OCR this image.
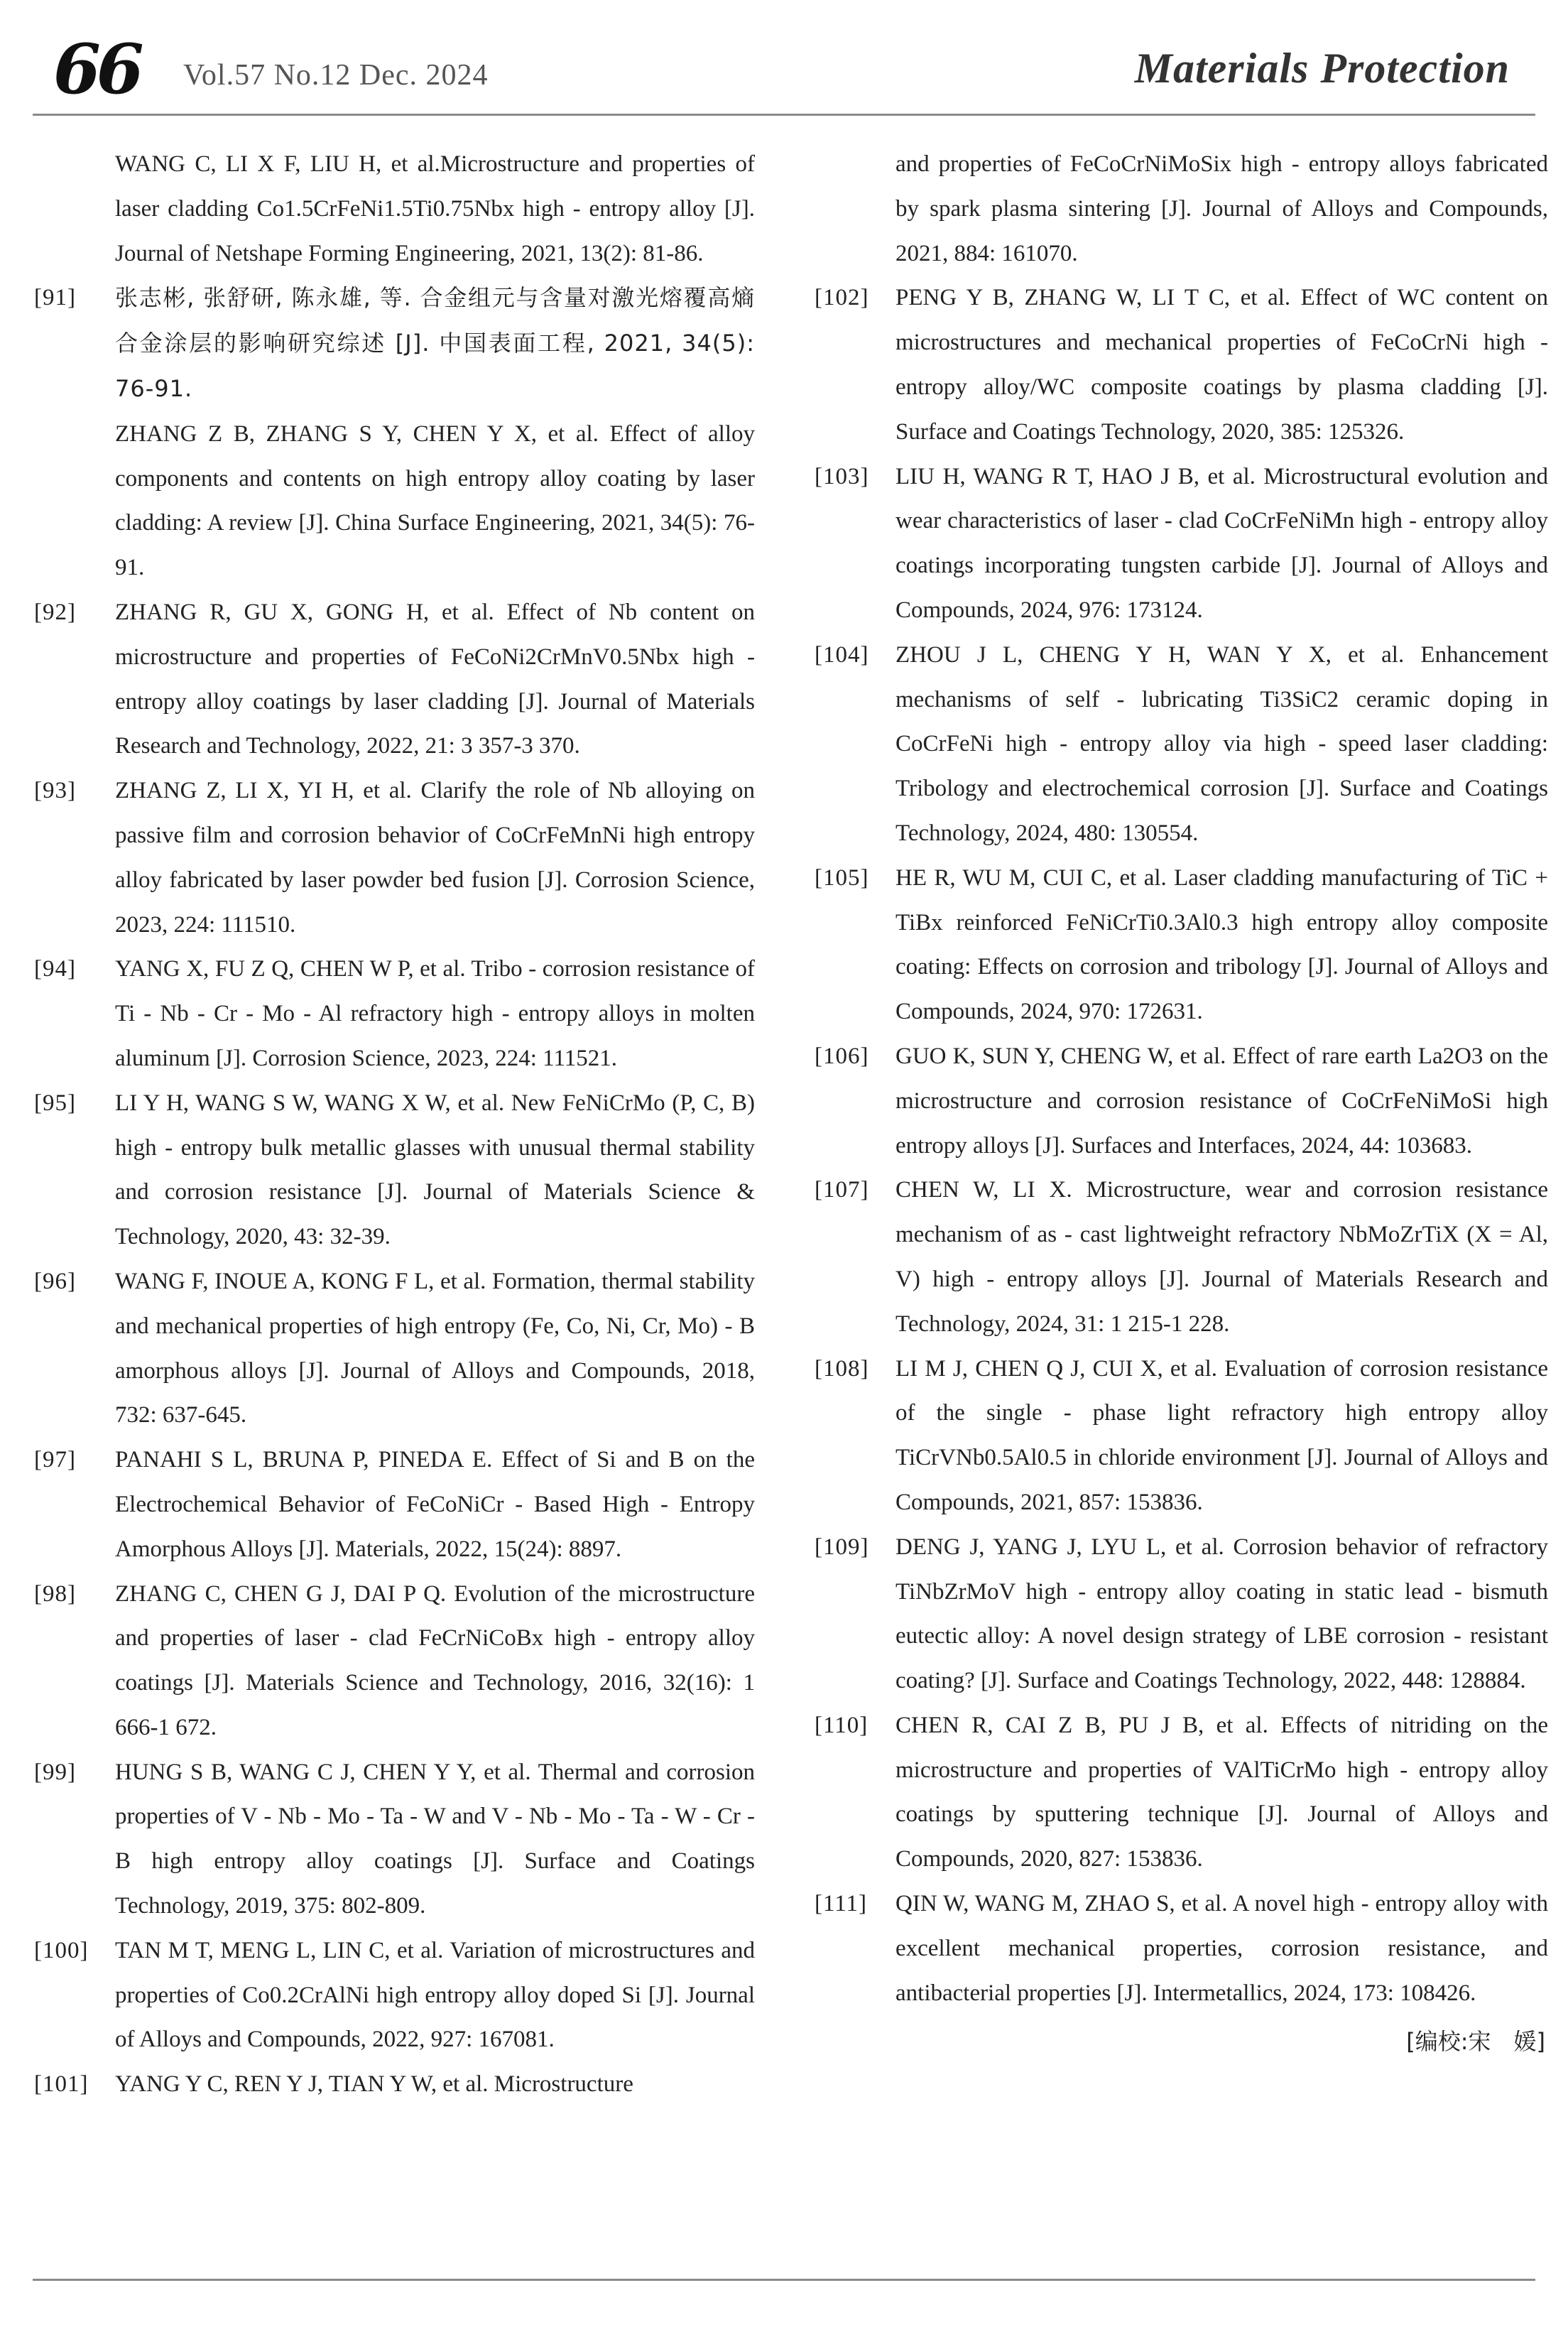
66 Vol.57 No.12 Dec. 2024	Materials Protection
WANG C, LI X F, LIU H, et al.Microstructure and properties of laser cladding Co1.5CrFeNi1.5Ti0.75Nbx high - entropy alloy [J]. Journal of Netshape Forming Engineering, 2021, 13(2): 81-86.
[91]	张志彬, 张舒研, 陈永雄, 等. 合金组元与含量对激光熔覆高熵合金涂层的影响研究综述 [J]. 中国表面工程, 2021, 34(5): 76-91.
ZHANG Z B, ZHANG S Y, CHEN Y X, et al. Effect of alloy components and contents on high entropy alloy coating by laser cladding: A review [J]. China Surface Engineering, 2021, 34(5): 76-91.
[92]	ZHANG R, GU X, GONG H, et al. Effect of Nb content on microstructure and properties of FeCoNi2CrMnV0.5Nbx high - entropy alloy coatings by laser cladding [J]. Journal of Materials Research and Technology, 2022, 21: 3 357-3 370.
[93]	ZHANG Z, LI X, YI H, et al. Clarify the role of Nb alloying on passive film and corrosion behavior of CoCrFeMnNi high entropy alloy fabricated by laser powder bed fusion [J]. Corrosion Science, 2023, 224: 111510.
[94]	YANG X, FU Z Q, CHEN W P, et al. Tribo - corrosion resistance of Ti - Nb - Cr - Mo - Al refractory high - entropy alloys in molten aluminum [J]. Corrosion Science, 2023, 224: 111521.
[95]	LI Y H, WANG S W, WANG X W, et al. New FeNiCrMo (P, C, B) high - entropy bulk metallic glasses with unusual thermal stability and corrosion resistance [J]. Journal of Materials Science & Technology, 2020, 43: 32-39.
[96]	WANG F, INOUE A, KONG F L, et al. Formation, thermal stability and mechanical properties of high entropy (Fe, Co, Ni, Cr, Mo) - B amorphous alloys [J]. Journal of Alloys and Compounds, 2018, 732: 637-645.
[97]	PANAHI S L, BRUNA P, PINEDA E. Effect of Si and B on the Electrochemical Behavior of FeCoNiCr - Based High - Entropy Amorphous Alloys [J]. Materials, 2022, 15(24): 8897.
[98]	ZHANG C, CHEN G J, DAI P Q. Evolution of the microstructure and properties of laser - clad FeCrNiCoBx high - entropy alloy coatings [J]. Materials Science and Technology, 2016, 32(16): 1 666-1 672.
[99]	HUNG S B, WANG C J, CHEN Y Y, et al. Thermal and corrosion properties of V - Nb - Mo - Ta - W and V - Nb - Mo - Ta - W - Cr - B high entropy alloy coatings [J]. Surface and Coatings Technology, 2019, 375: 802-809.
[100]	TAN M T, MENG L, LIN C, et al. Variation of microstructures and properties of Co0.2CrAlNi high entropy alloy doped Si [J]. Journal of Alloys and Compounds, 2022, 927: 167081.
[101]	YANG Y C, REN Y J, TIAN Y W, et al. Microstructure
and properties of FeCoCrNiMoSix high - entropy alloys fabricated by spark plasma sintering [J]. Journal of Alloys and Compounds, 2021, 884: 161070.
[102]	PENG Y B, ZHANG W, LI T C, et al. Effect of WC content on microstructures and mechanical properties of FeCoCrNi high - entropy alloy/WC composite coatings by plasma cladding [J]. Surface and Coatings Technology, 2020, 385: 125326.
[103]	LIU H, WANG R T, HAO J B, et al. Microstructural evolution and wear characteristics of laser - clad CoCrFeNiMn high - entropy alloy coatings incorporating tungsten carbide [J]. Journal of Alloys and Compounds, 2024, 976: 173124.
[104]	ZHOU J L, CHENG Y H, WAN Y X, et al. Enhancement mechanisms of self - lubricating Ti3SiC2 ceramic doping in CoCrFeNi high - entropy alloy via high - speed laser cladding: Tribology and electrochemical corrosion [J]. Surface and Coatings Technology, 2024, 480: 130554.
[105]	HE R, WU M, CUI C, et al. Laser cladding manufacturing of TiC + TiBx reinforced FeNiCrTi0.3Al0.3 high entropy alloy composite coating: Effects on corrosion and tribology [J]. Journal of Alloys and Compounds, 2024, 970: 172631.
[106]	GUO K, SUN Y, CHENG W, et al. Effect of rare earth La2O3 on the microstructure and corrosion resistance of CoCrFeNiMoSi high entropy alloys [J]. Surfaces and Interfaces, 2024, 44: 103683.
[107]	CHEN W, LI X. Microstructure, wear and corrosion resistance mechanism of as - cast lightweight refractory NbMoZrTiX (X = Al, V) high - entropy alloys [J]. Journal of Materials Research and Technology, 2024, 31: 1 215-1 228.
[108]	LI M J, CHEN Q J, CUI X, et al. Evaluation of corrosion resistance of the single - phase light refractory high entropy alloy TiCrVNb0.5Al0.5 in chloride environment [J]. Journal of Alloys and Compounds, 2021, 857: 153836.
[109]	DENG J, YANG J, LYU L, et al. Corrosion behavior of refractory TiNbZrMoV high - entropy alloy coating in static lead - bismuth eutectic alloy: A novel design strategy of LBE corrosion - resistant coating? [J]. Surface and Coatings Technology, 2022, 448: 128884.
[110]	CHEN R, CAI Z B, PU J B, et al. Effects of nitriding on the microstructure and properties of VAlTiCrMo high - entropy alloy coatings by sputtering technique [J]. Journal of Alloys and Compounds, 2020, 827: 153836.
[111]	QIN W, WANG M, ZHAO S, et al. A novel high - entropy alloy with excellent mechanical properties, corrosion resistance, and antibacterial properties [J]. Intermetallics, 2024, 173: 108426.
[编校:宋　媛]
